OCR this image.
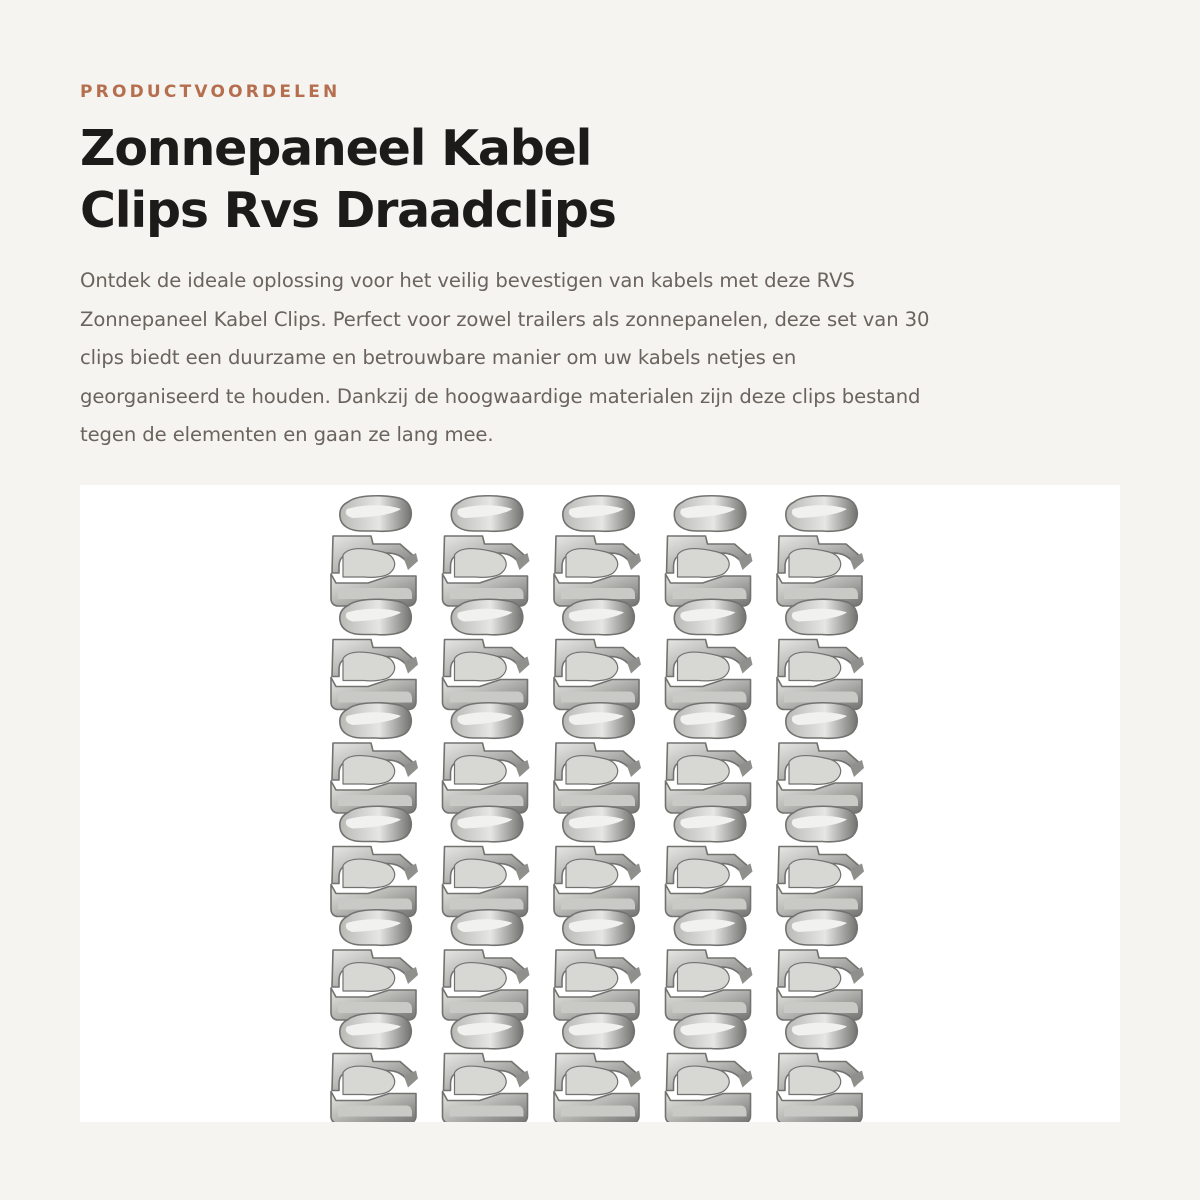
PRODUCTVOORDELEN

Zonnepaneel Kabel
Clips Rvs Draadclips

Ontdek de ideale oplossing voor het veilig bevestigen van kabels met deze RVS
Zonnepaneel Kabel Clips. Perfect voor zowel trailers als zonnepanelen, deze set van 30
clips biedt een duurzame en betrouwbare manier om uw kabels netjes en
georganiseerd te houden. Dankzij de hoogwaardige materialen zijn deze clips bestand
tegen de elementen en gaan ze lang mee.
